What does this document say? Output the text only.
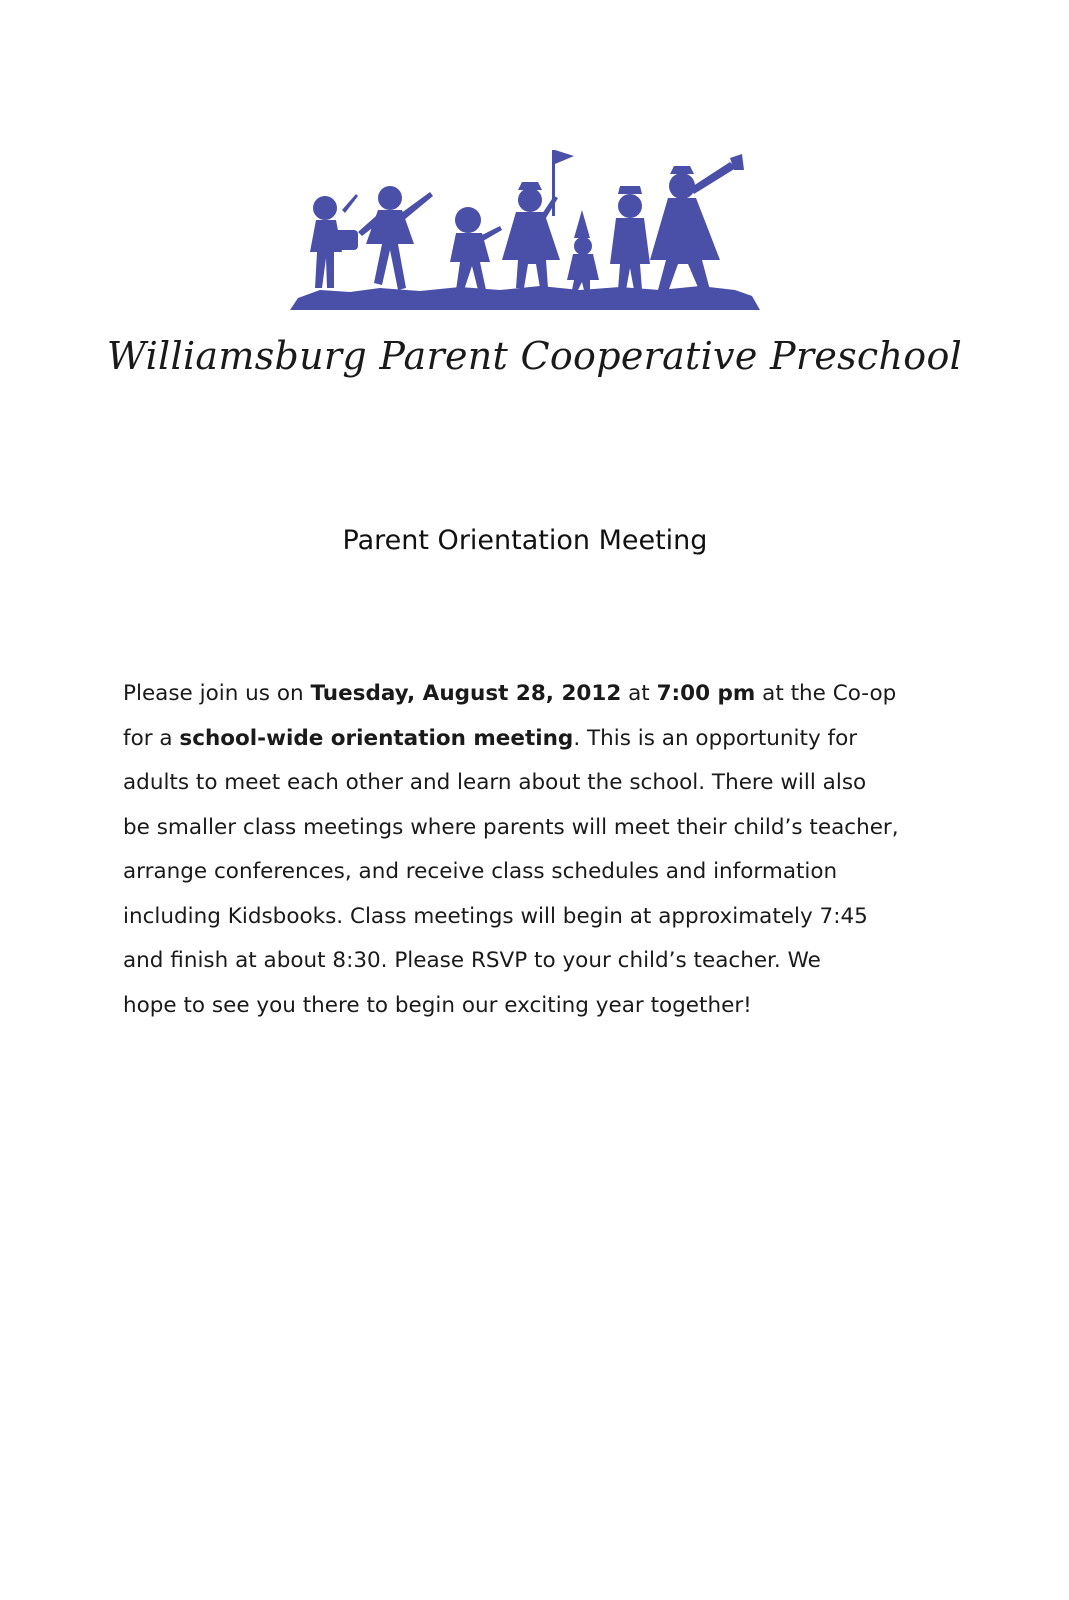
Williamsburg Parent Cooperative Preschool
Parent Orientation Meeting
Please join us on Tuesday, August 28, 2012 at 7:00 pm at the Co-op
for a school-wide orientation meeting. This is an opportunity for
adults to meet each other and learn about the school. There will also
be smaller class meetings where parents will meet their child’s teacher,
arrange conferences, and receive class schedules and information
including Kidsbooks. Class meetings will begin at approximately 7:45
and finish at about 8:30. Please RSVP to your child’s teacher. We
hope to see you there to begin our exciting year together!
